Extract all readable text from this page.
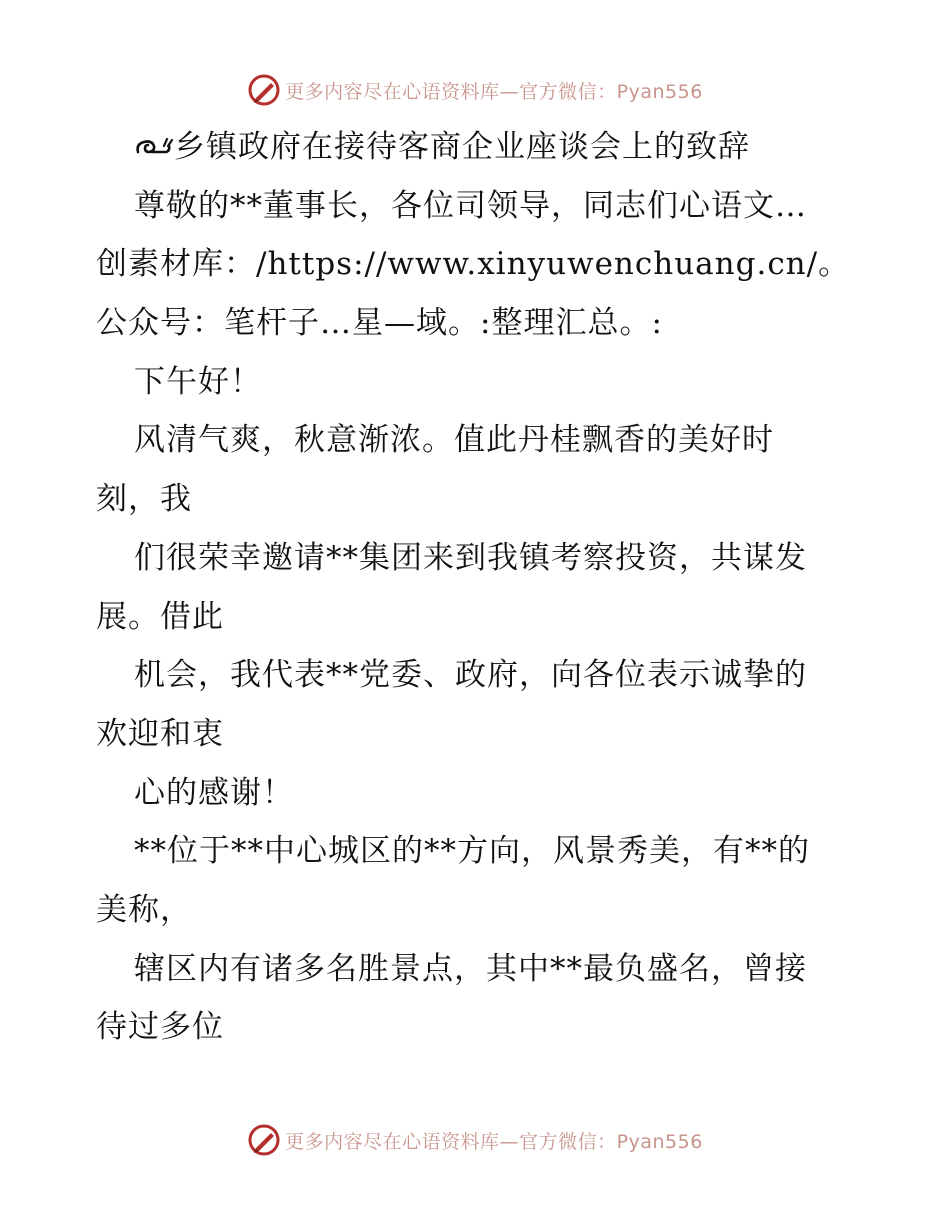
更多内容尽在心语资料库—官方微信：Pyan556
乡镇政府在接待客商企业座谈会上的致辞
尊敬的**董事长，各位司领导，同志们心语文…
创素材库：/https://www.xinyuwenchuang.cn/。
公众号：笔杆子…星—域。:整理汇总。:
下午好！
风清气爽，秋意渐浓。值此丹桂飘香的美好时
刻，我
们很荣幸邀请**集团来到我镇考察投资，共谋发
展。借此
机会，我代表**党委、政府，向各位表示诚挚的
欢迎和衷
心的感谢！
**位于**中心城区的**方向，风景秀美，有**的
美称，
辖区内有诸多名胜景点，其中**最负盛名，曾接
待过多位
更多内容尽在心语资料库—官方微信：Pyan556
